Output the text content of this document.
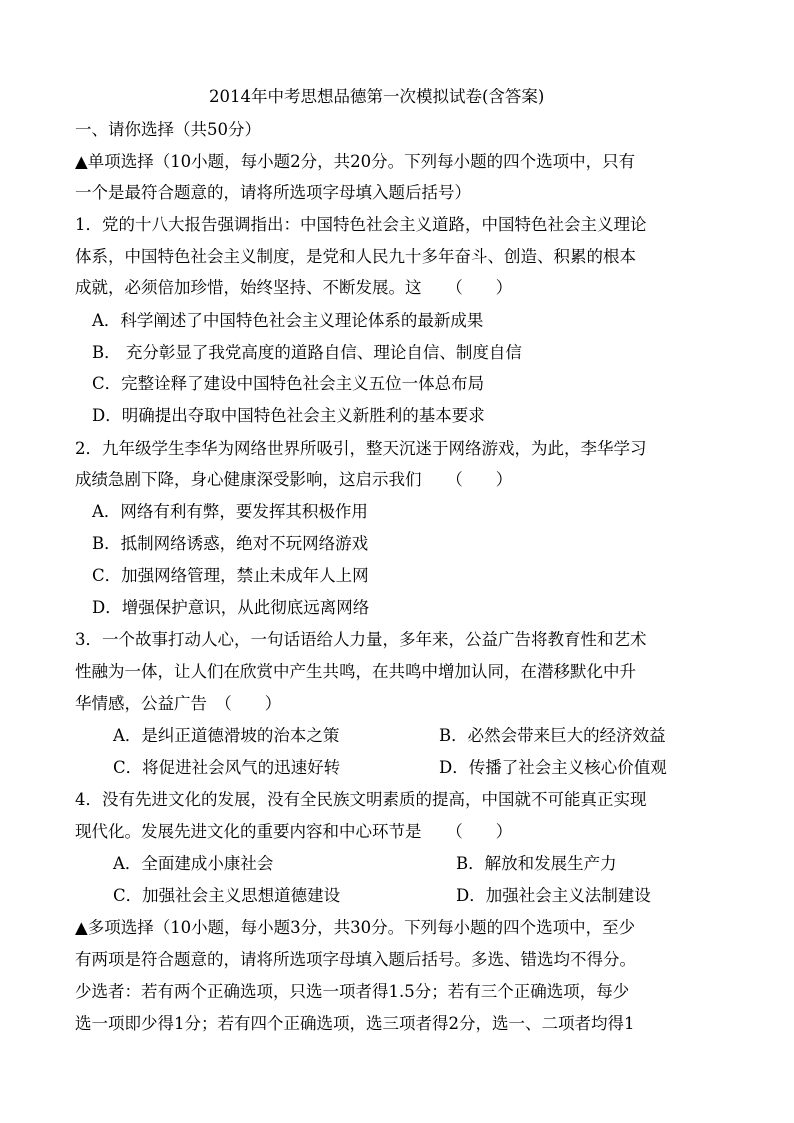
2014年中考思想品德第一次模拟试卷(含答案)
一、请你选择（共50分）
▲单项选择（10小题，每小题2分，共20分。下列每小题的四个选项中，只有
一个是最符合题意的，请将所选项字母填入题后括号）
1．党的十八大报告强调指出：中国特色社会主义道路，中国特色社会主义理论
体系，中国特色社会主义制度，是党和人民九十多年奋斗、创造、积累的根本
成就，必须倍加珍惜，始终坚持、不断发展。这　　（　　）
A．科学阐述了中国特色社会主义理论体系的最新成果
B． 充分彰显了我党高度的道路自信、理论自信、制度自信
C．完整诠释了建设中国特色社会主义五位一体总布局
D．明确提出夺取中国特色社会主义新胜利的基本要求
2．九年级学生李华为网络世界所吸引，整天沉迷于网络游戏，为此，李华学习
成绩急剧下降，身心健康深受影响，这启示我们　　（　　）
A．网络有利有弊，要发挥其积极作用
B．抵制网络诱惑，绝对不玩网络游戏
C．加强网络管理，禁止未成年人上网
D．增强保护意识，从此彻底远离网络
3．一个故事打动人心，一句话语给人力量，多年来，公益广告将教育性和艺术
性融为一体，让人们在欣赏中产生共鸣，在共鸣中增加认同，在潜移默化中升
华情感，公益广告　（　　）
A．是纠正道德滑坡的治本之策	B．必然会带来巨大的经济效益
C．将促进社会风气的迅速好转	D．传播了社会主义核心价值观
4．没有先进文化的发展，没有全民族文明素质的提高，中国就不可能真正实现
现代化。发展先进文化的重要内容和中心环节是　　（　　）
A．全面建成小康社会	B．解放和发展生产力
C．加强社会主义思想道德建设	D．加强社会主义法制建设
▲多项选择（10小题，每小题3分，共30分。下列每小题的四个选项中，至少
有两项是符合题意的，请将所选项字母填入题后括号。多选、错选均不得分。
少选者：若有两个正确选项，只选一项者得1.5分；若有三个正确选项，每少
选一项即少得1分；若有四个正确选项，选三项者得2分，选一、二项者均得1
